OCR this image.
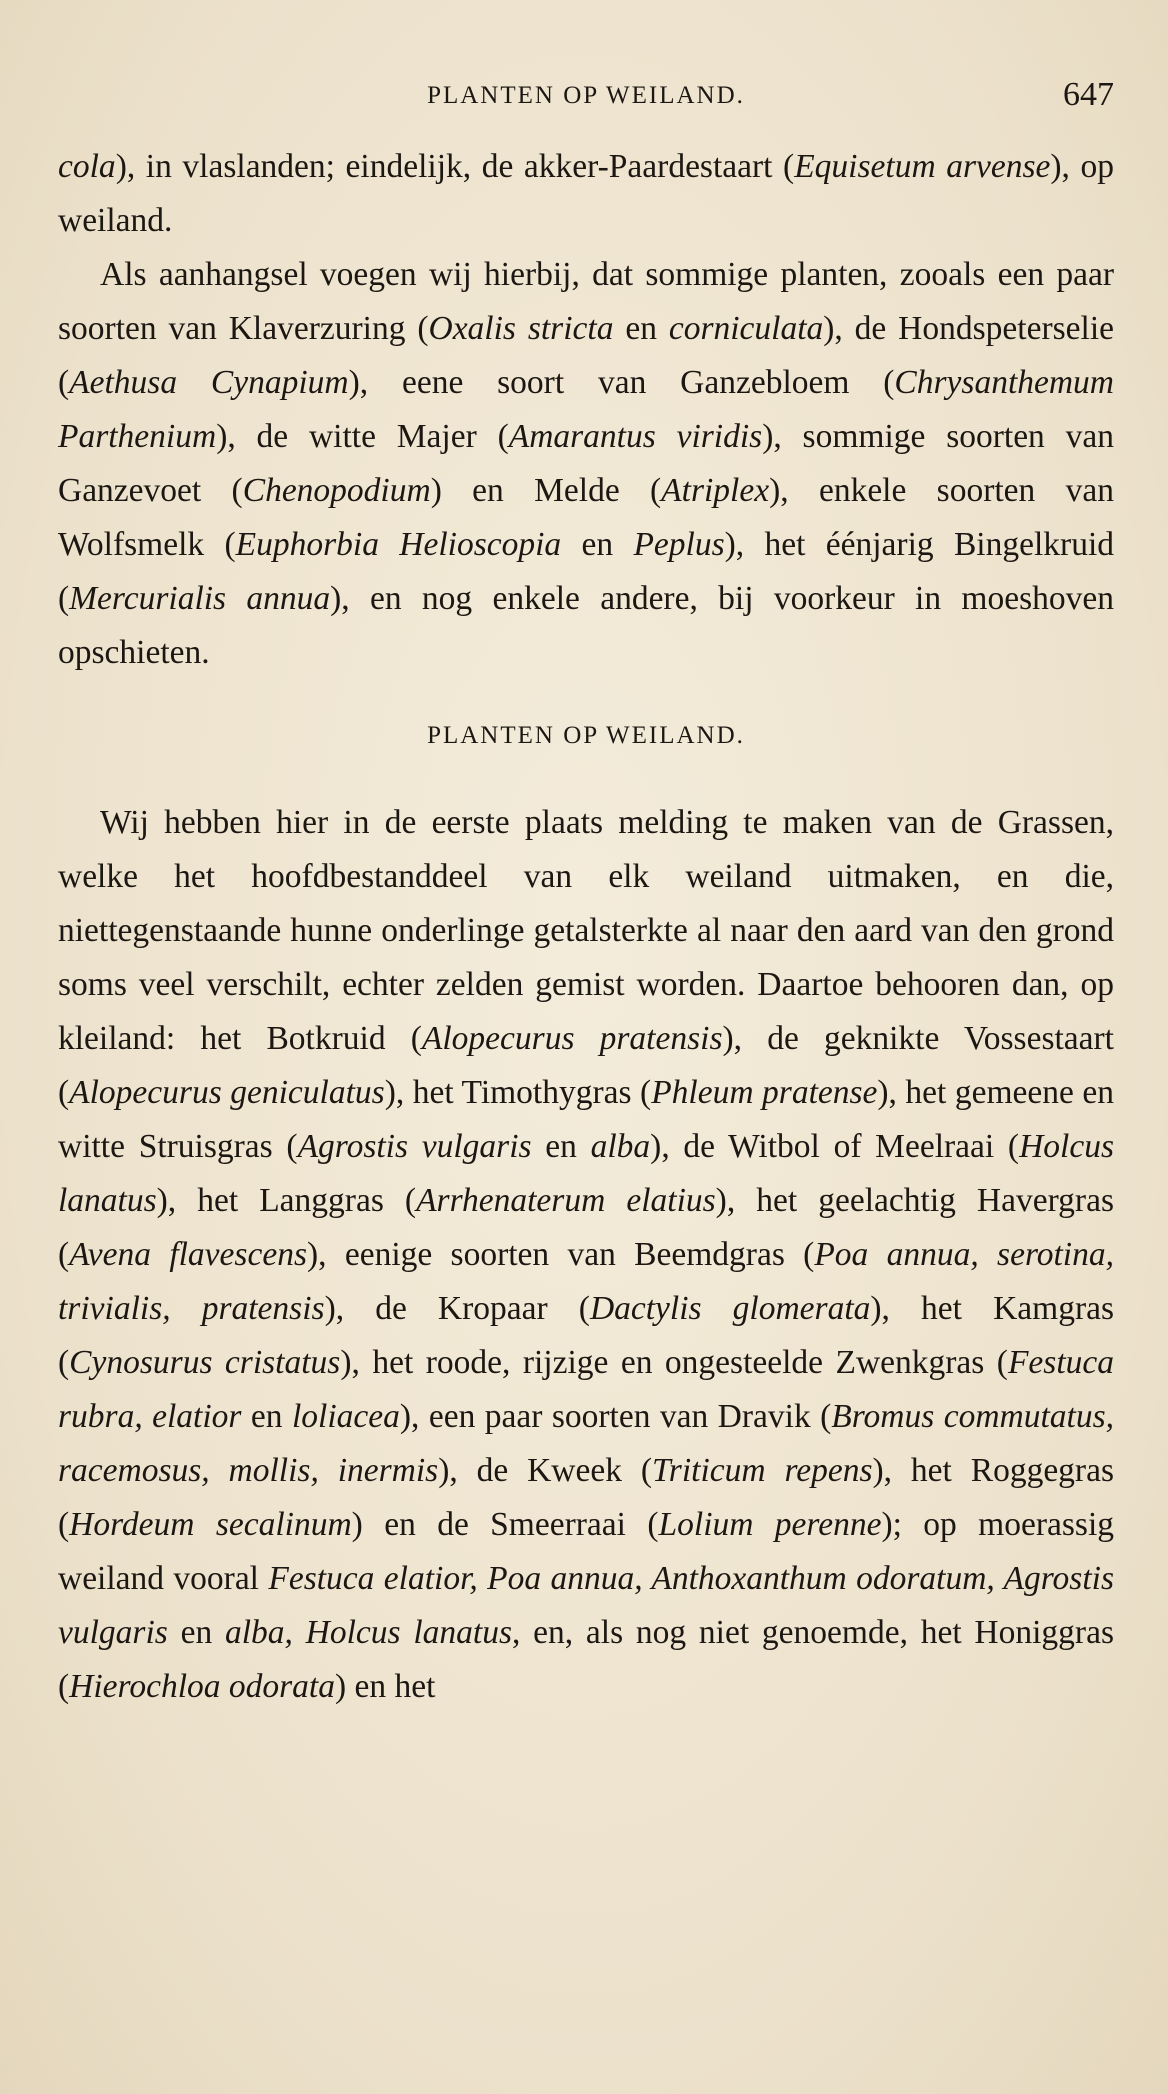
PLANTEN OP WEILAND.	647

cola), in vlaslanden; eindelijk, de akker-Paardestaart (Equisetum arvense), op weiland.

Als aanhangsel voegen wij hierbij, dat sommige planten, zooals een paar soorten van Klaverzuring (Oxalis stricta en corniculata), de Hondspeterselie (Aethusa Cynapium), eene soort van Ganzebloem (Chrysanthemum Parthenium), de witte Majer (Amarantus viridis), sommige soorten van Ganzevoet (Chenopodium) en Melde (Atriplex), enkele soorten van Wolfsmelk (Euphorbia Helioscopia en Peplus), het éénjarig Bingelkruid (Mercurialis annua), en nog enkele andere, bij voorkeur in moeshoven opschieten.

PLANTEN OP WEILAND.

Wij hebben hier in de eerste plaats melding te maken van de Grassen, welke het hoofdbestanddeel van elk weiland uitmaken, en die, niettegenstaande hunne onderlinge getalsterkte al naar den aard van den grond soms veel verschilt, echter zelden gemist worden. Daartoe behooren dan, op kleiland: het Botkruid (Alopecurus pratensis), de geknikte Vossestaart (Alopecurus geniculatus), het Timothygras (Phleum pratense), het gemeene en witte Struisgras (Agrostis vulgaris en alba), de Witbol of Meelraai (Holcus lanatus), het Langgras (Arrhenaterum elatius), het geelachtig Havergras (Avena flavescens), eenige soorten van Beemdgras (Poa annua, serotina, trivialis, pratensis), de Kropaar (Dactylis glomerata), het Kamgras (Cynosurus cristatus), het roode, rijzige en ongesteelde Zwenkgras (Festuca rubra, elatior en loliacea), een paar soorten van Dravik (Bromus commutatus, racemosus, mollis, inermis), de Kweek (Triticum repens), het Roggegras (Hordeum secalinum) en de Smeerraai (Lolium perenne); op moerassig weiland vooral Festuca elatior, Poa annua, Anthoxanthum odoratum, Agrostis vulgaris en alba, Holcus lanatus, en, als nog niet genoemde, het Honiggras (Hierochloa odorata) en het
